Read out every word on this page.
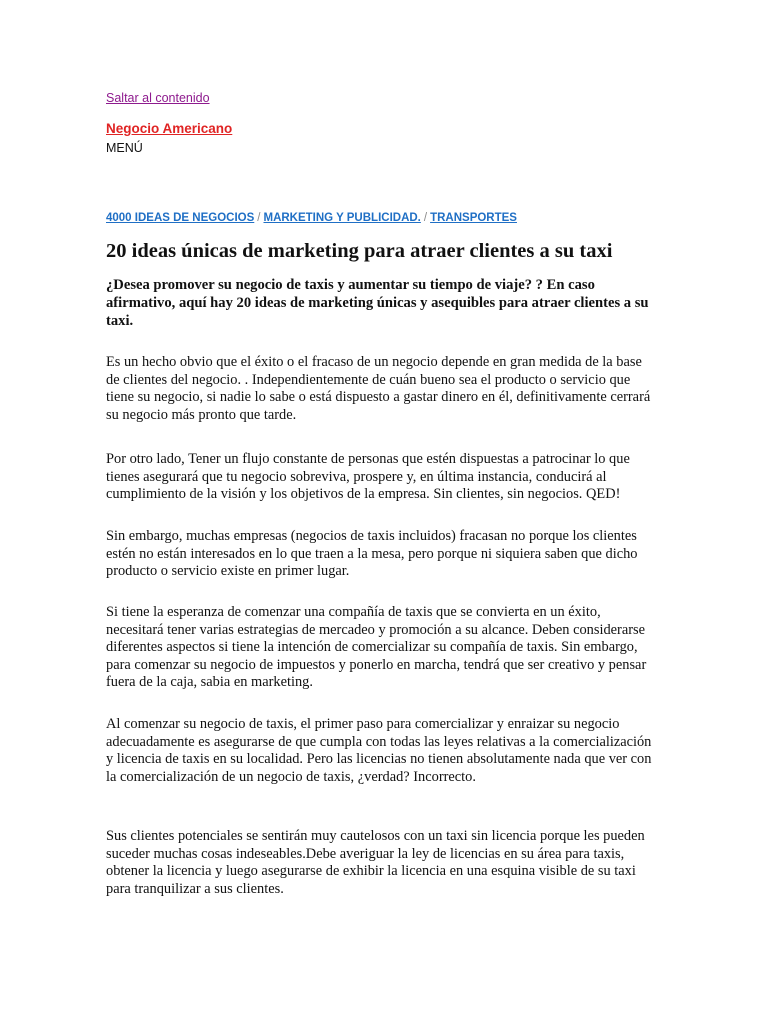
Saltar al contenido
Negocio Americano
MENÚ
4000 IDEAS DE NEGOCIOS / MARKETING Y PUBLICIDAD. / TRANSPORTES
20 ideas únicas de marketing para atraer clientes a su taxi

¿Desea promover su negocio de taxis y aumentar su tiempo de viaje? ? En caso afirmativo, aquí hay 20 ideas de marketing únicas y asequibles para atraer clientes a su taxi.

Es un hecho obvio que el éxito o el fracaso de un negocio depende en gran medida de la base de clientes del negocio. . Independientemente de cuán bueno sea el producto o servicio que tiene su negocio, si nadie lo sabe o está dispuesto a gastar dinero en él, definitivamente cerrará su negocio más pronto que tarde.

Por otro lado, Tener un flujo constante de personas que estén dispuestas a patrocinar lo que tienes asegurará que tu negocio sobreviva, prospere y, en última instancia, conducirá al cumplimiento de la visión y los objetivos de la empresa. Sin clientes, sin negocios. QED!

Sin embargo, muchas empresas (negocios de taxis incluidos) fracasan no porque los clientes estén no están interesados en lo que traen a la mesa, pero porque ni siquiera saben que dicho producto o servicio existe en primer lugar.

Si tiene la esperanza de comenzar una compañía de taxis que se convierta en un éxito, necesitará tener varias estrategias de mercadeo y promoción a su alcance. Deben considerarse diferentes aspectos si tiene la intención de comercializar su compañía de taxis. Sin embargo, para comenzar su negocio de impuestos y ponerlo en marcha, tendrá que ser creativo y pensar fuera de la caja, sabia en marketing.

Al comenzar su negocio de taxis, el primer paso para comercializar y enraizar su negocio adecuadamente es asegurarse de que cumpla con todas las leyes relativas a la comercialización y licencia de taxis en su localidad. Pero las licencias no tienen absolutamente nada que ver con la comercialización de un negocio de taxis, ¿verdad? Incorrecto.

Sus clientes potenciales se sentirán muy cautelosos con un taxi sin licencia porque les pueden suceder muchas cosas indeseables.Debe averiguar la ley de licencias en su área para taxis, obtener la licencia y luego asegurarse de exhibir la licencia en una esquina visible de su taxi para tranquilizar a sus clientes.
